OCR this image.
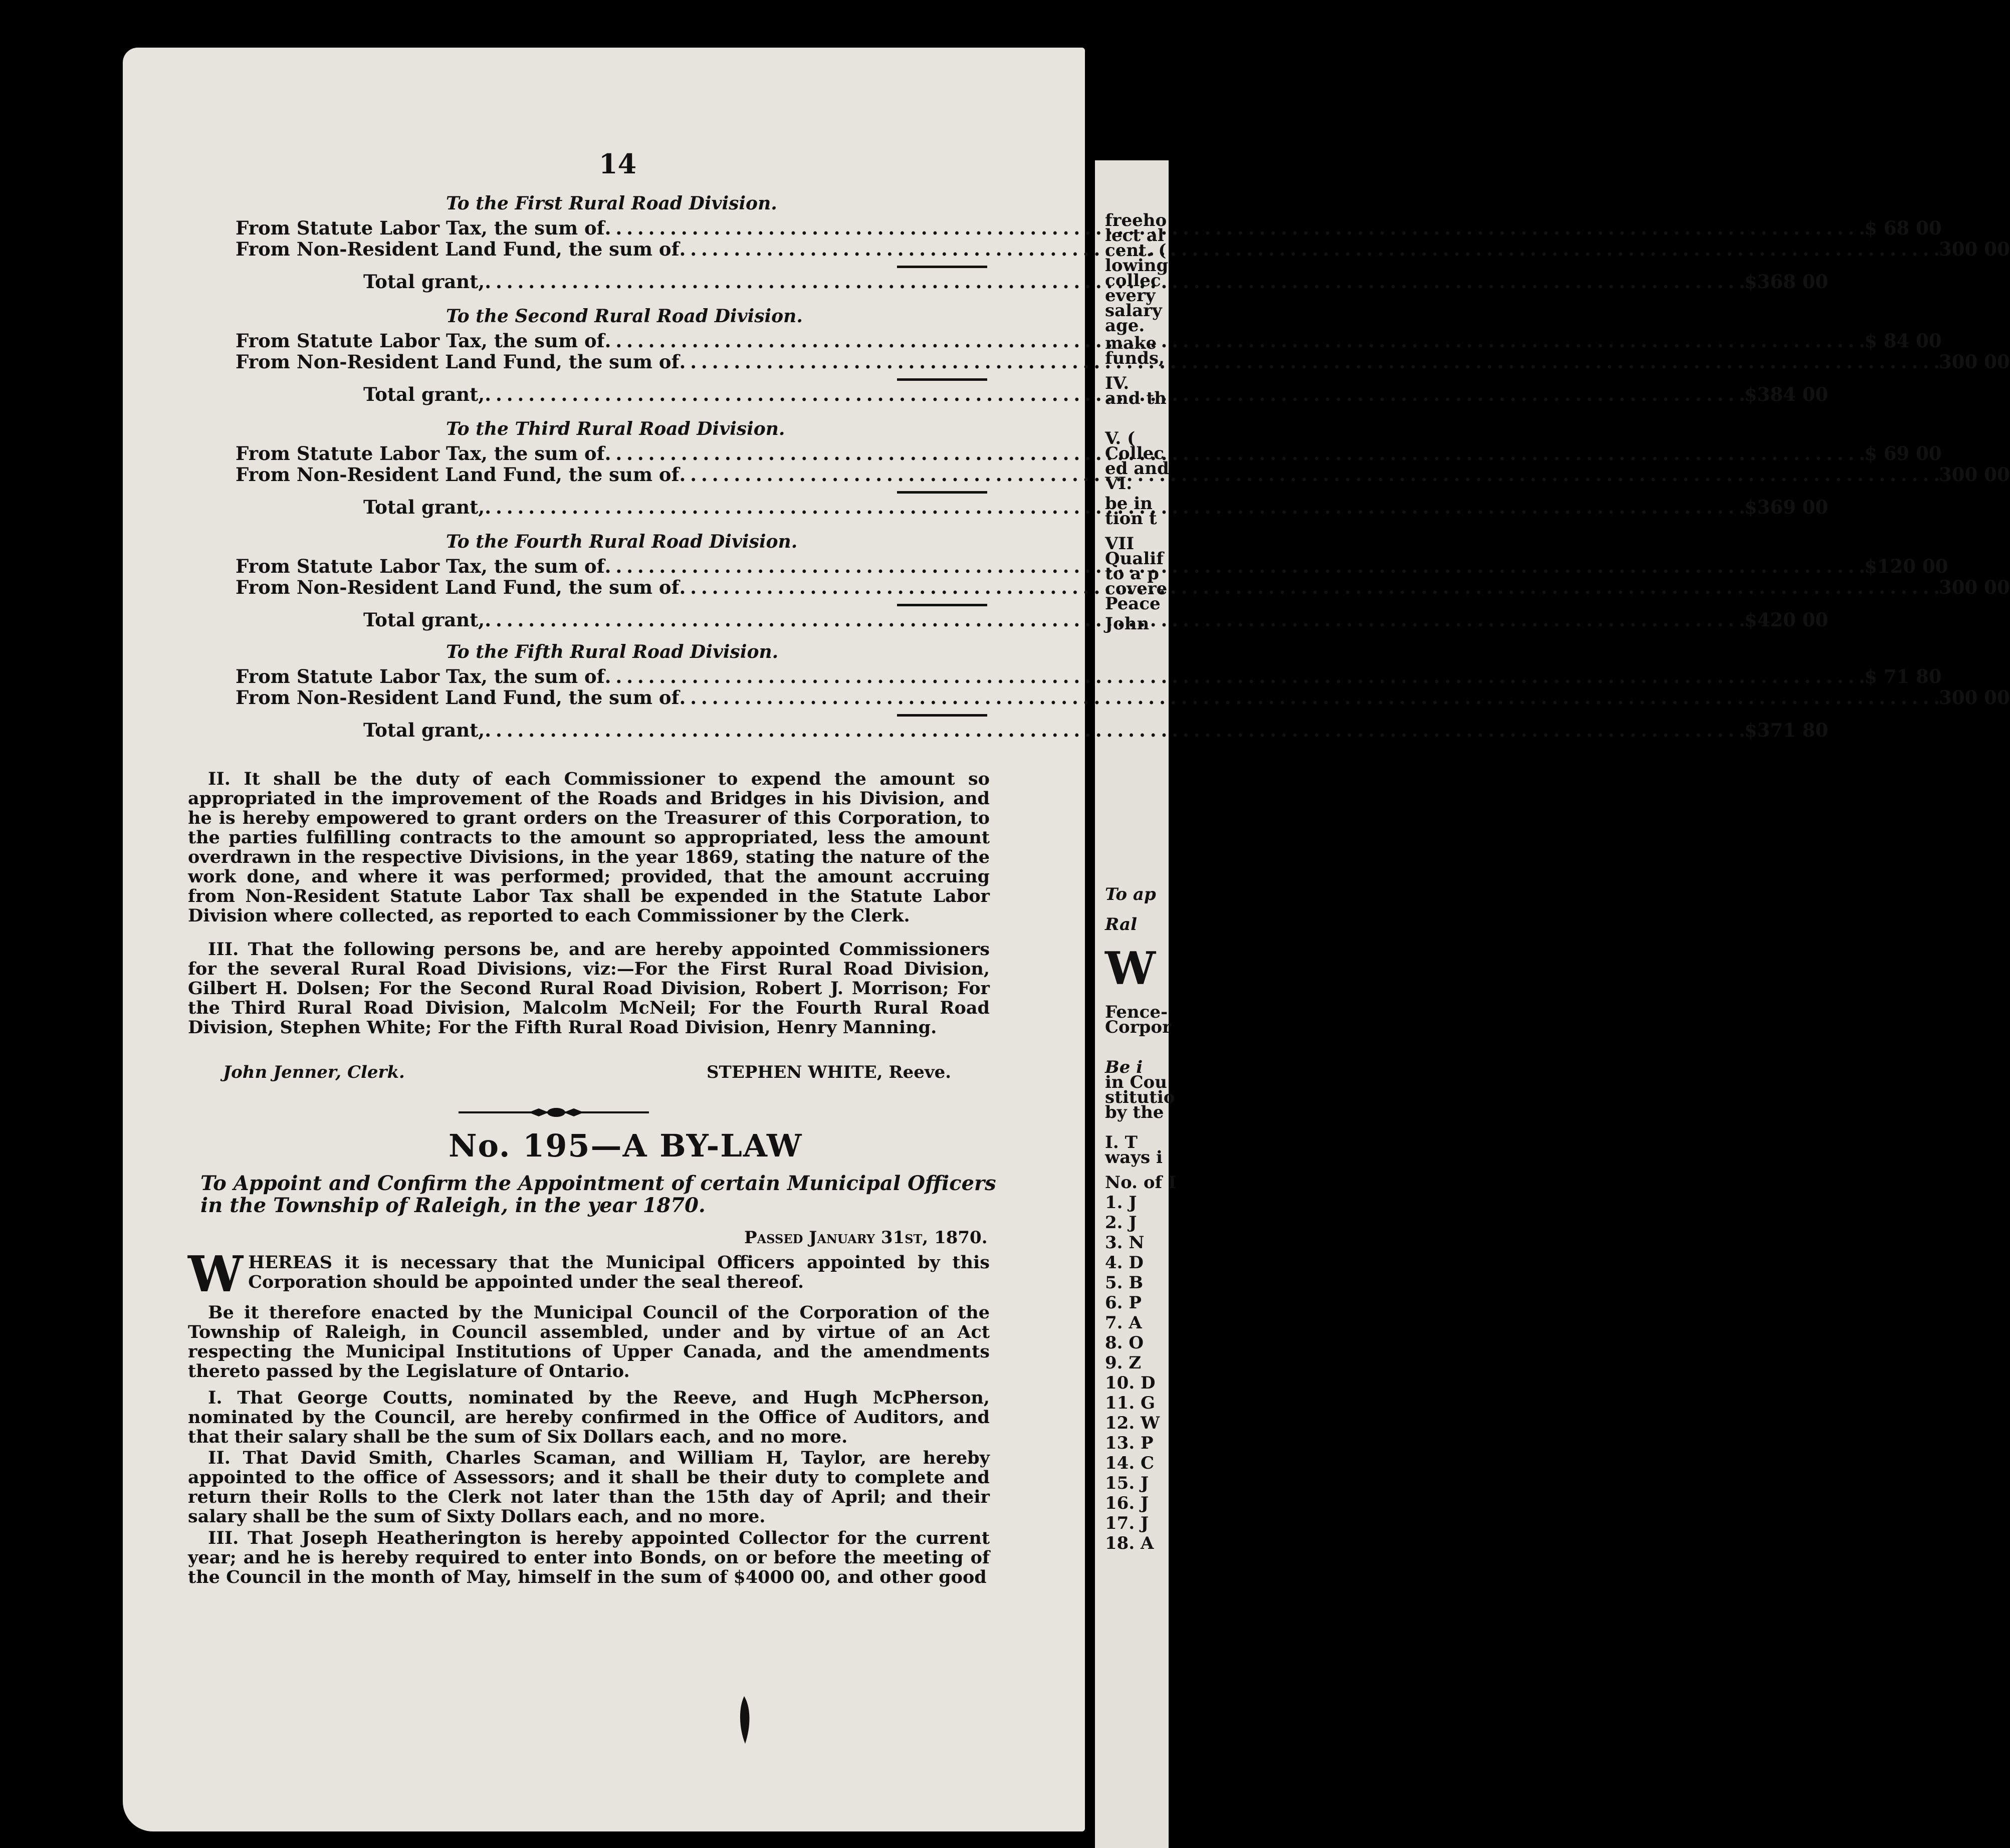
freeho
lect al
cent. (
lowing
collec
every
salary
age.
make
funds,
IV.
and th
V. (
Collec
ed and
VI.
be in
tion t
VII
Qualif
to a p
covere
Peace
John
To ap
Ral
W
Fence-
Corpor
Be i
in Cou
stitutio
by the
I. T
ways i
No. of I
1. J
2. J
3. N
4. D
5. B
6. P
7. A
8. O
9. Z
10. D
11. G
12. W
13. P
14. C
15. J
16. J
17. J
18. A
14
To the First Rural Road Division.
From Statute Labor Tax, the sum of . . .	$ 68 00
From Non-Resident Land Fund, the sum of . . .	300 00
Total grant, . . .	$368 00
To the Second Rural Road Division.
From Statute Labor Tax, the sum of . . .	$ 84 00
From Non-Resident Land Fund, the sum of . . .	300 00
Total grant, . . .	$384 00
To the Third Rural Road Division.
From Statute Labor Tax, the sum of . . .	$ 69 00
From Non-Resident Land Fund, the sum of . . .	300 00
Total grant, . . .	$369 00
To the Fourth Rural Road Division.
From Statute Labor Tax, the sum of . . .	$120 00
From Non-Resident Land Fund, the sum of . . .	300 00
Total grant, . . .	$420 00
To the Fifth Rural Road Division.
From Statute Labor Tax, the sum of . . .	$ 71 80
From Non-Resident Land Fund, the sum of . . .	300 00
Total grant, . . .	$371 80

II. It shall be the duty of each Commissioner to expend the amount so appropriated in the improvement of the Roads and Bridges in his Division, and he is hereby empowered to grant orders on the Treasurer of this Corporation, to the parties fulfilling contracts to the amount so appropriated, less the amount overdrawn in the respective Divisions, in the year 1869, stating the nature of the work done, and where it was performed; provided, that the amount accruing from Non-Resident Statute Labor Tax shall be expended in the Statute Labor Division where collected, as reported to each Commissioner by the Clerk.

III. That the following persons be, and are hereby appointed Commissioners for the several Rural Road Divisions, viz:—For the First Rural Road Division, Gilbert H. Dolsen; For the Second Rural Road Division, Robert J. Morrison; For the Third Rural Road Division, Malcolm McNeil; For the Fourth Rural Road Division, Stephen White; For the Fifth Rural Road Division, Henry Manning.

John Jenner, Clerk.	STEPHEN WHITE, Reeve.
No. 195—A BY-LAW
To Appoint and Confirm the Appointment of certain Municipal Officers in the Township of Raleigh, in the year 1870.
Passed January 31st, 1870.
W HEREAS it is necessary that the Municipal Officers appointed by this Corporation should be appointed under the seal thereof.

Be it therefore enacted by the Municipal Council of the Corporation of the Township of Raleigh, in Council assembled, under and by virtue of an Act respecting the Municipal Institutions of Upper Canada, and the amendments thereto passed by the Legislature of Ontario.

I. That George Coutts, nominated by the Reeve, and Hugh McPherson, nominated by the Council, are hereby confirmed in the Office of Auditors, and that their salary shall be the sum of Six Dollars each, and no more.

II. That David Smith, Charles Scaman, and William H, Taylor, are hereby appointed to the office of Assessors; and it shall be their duty to complete and return their Rolls to the Clerk not later than the 15th day of April; and their salary shall be the sum of Sixty Dollars each, and no more.

III. That Joseph Heatherington is hereby appointed Collector for the current year; and he is hereby required to enter into Bonds, on or before the meeting of the Council in the month of May, himself in the sum of $4000 00, and other good
